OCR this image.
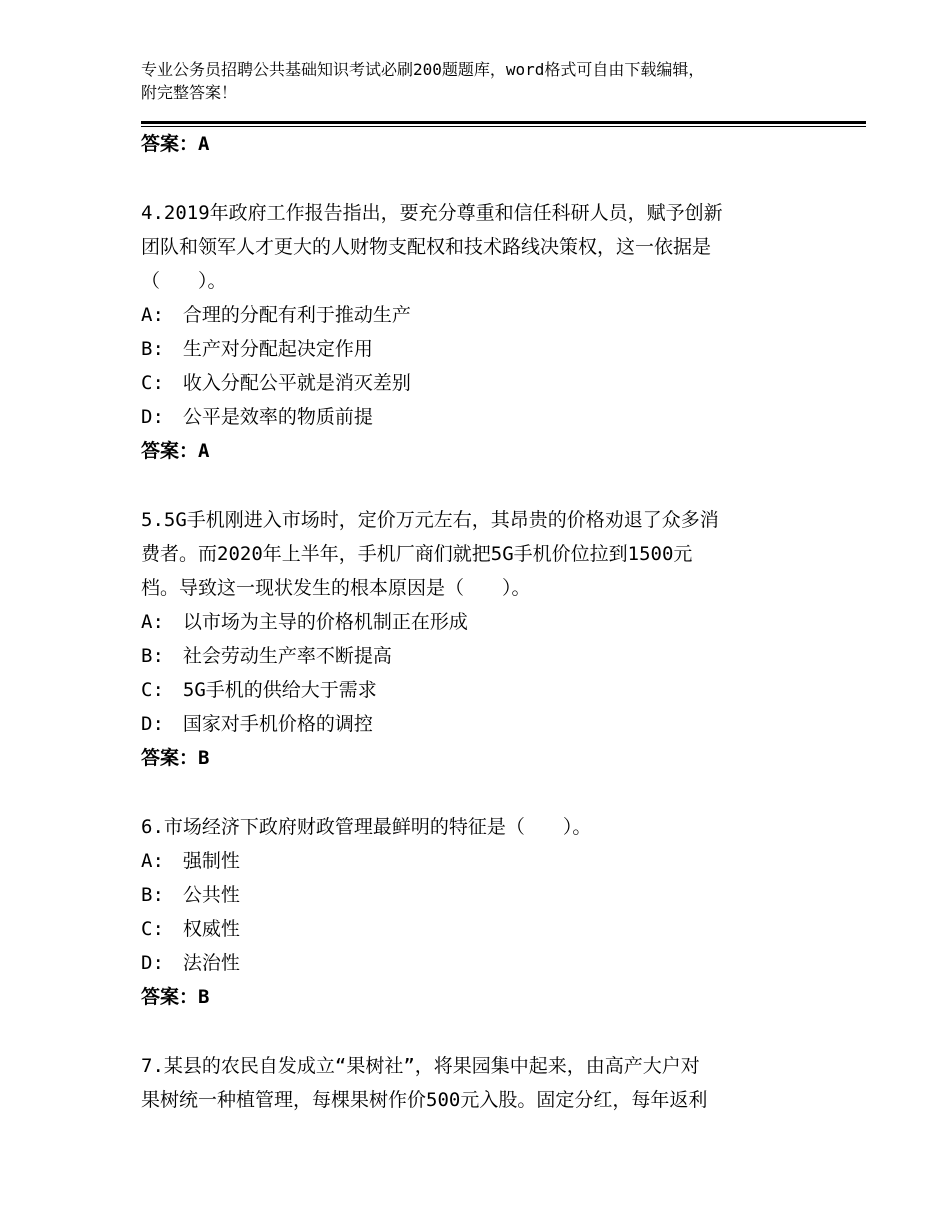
专业公务员招聘公共基础知识考试必刷200题题库，word格式可自由下载编辑，
附完整答案！
答案：A
4.2019年政府工作报告指出，要充分尊重和信任科研人员，赋予创新
团队和领军人才更大的人财物支配权和技术路线决策权，这一依据是
（　　）。
A:　合理的分配有利于推动生产
B:　生产对分配起决定作用
C:　收入分配公平就是消灭差别
D:　公平是效率的物质前提
答案：A
5.5G手机刚进入市场时，定价万元左右，其昂贵的价格劝退了众多消
费者。而2020年上半年，手机厂商们就把5G手机价位拉到1500元
档。导致这一现状发生的根本原因是（　　）。
A:　以市场为主导的价格机制正在形成
B:　社会劳动生产率不断提高
C:　5G手机的供给大于需求
D:　国家对手机价格的调控
答案：B
6.市场经济下政府财政管理最鲜明的特征是（　　）。
A:　强制性
B:　公共性
C:　权威性
D:　法治性
答案：B
7.某县的农民自发成立“果树社”，将果园集中起来，由高产大户对
果树统一种植管理，每棵果树作价500元入股。固定分红，每年返利
